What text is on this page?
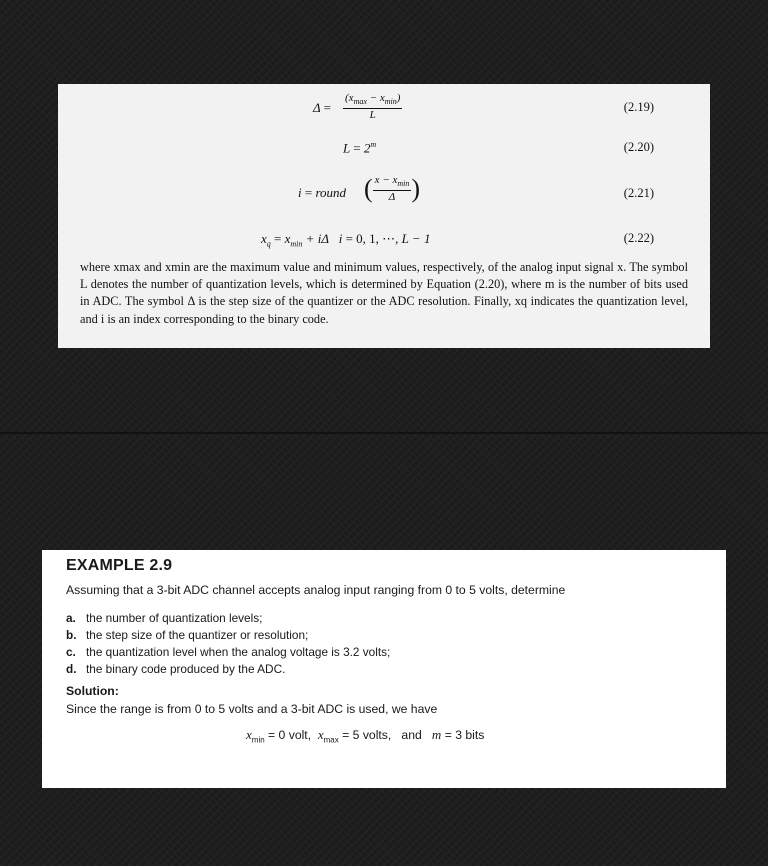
Δ =
$(x_{max} - x_{min})$
L
(2.19)
$L = 2^m$	(2.20)
i = round ( $\frac{x - x_{min}}{\Delta}$ )	(2.21)
$x_q = x_{min} + i\Delta$   i = 0, 1, ⋯, L − 1	(2.22)
where xmax and xmin are the maximum value and minimum values, respectively, of the analog input signal x. The symbol L denotes the number of quantization levels, which is determined by Equation (2.20), where m is the number of bits used in ADC. The symbol Δ is the step size of the quantizer or the ADC resolution. Finally, xq indicates the quantization level, and i is an index corresponding to the binary code.
EXAMPLE 2.9
Assuming that a 3-bit ADC channel accepts analog input ranging from 0 to 5 volts, determine
a. the number of quantization levels;
b. the step size of the quantizer or resolution;
c. the quantization level when the analog voltage is 3.2 volts;
d. the binary code produced by the ADC.
Solution:
Since the range is from 0 to 5 volts and a 3-bit ADC is used, we have
$x_{min} = 0$ volt,  $x_{max} = 5$ volts,   and   m = 3 bits
